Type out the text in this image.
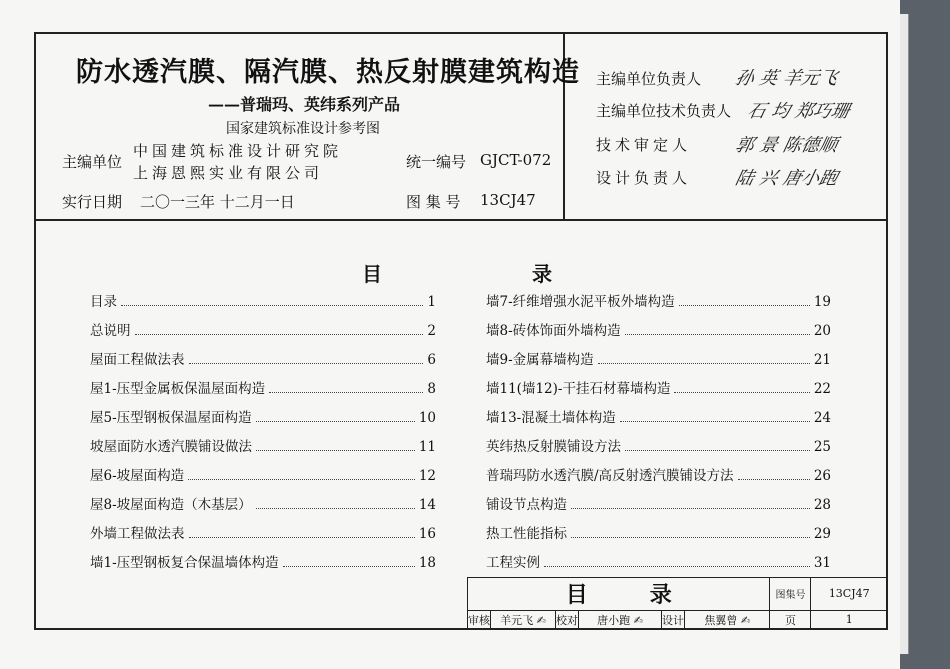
防水透汽膜、隔汽膜、热反射膜建筑构造
——普瑞玛、英纬系列产品
国家建筑标准设计参考图
主编单位
中国建筑标准设计研究院
上海恩熙实业有限公司
统一编号 GJCT-072
实行日期 二〇一三年 十二月一日	图 集 号 13CJ47
主编单位负责人 孙 英 羊元飞
主编单位技术负责人 石 均 郑巧珊
技术审定人 郭 景 陈德顺
设计负责人 陆 兴 唐小跑
目	录
目录	1
总说明	2
屋面工程做法表	6
屋1-压型金属板保温屋面构造	8
屋5-压型钢板保温屋面构造	10
坡屋面防水透汽膜铺设做法	11
屋6-坡屋面构造	12
屋8-坡屋面构造（木基层）	14
外墙工程做法表	16
墙1-压型钢板复合保温墙体构造	18
墙7-纤维增强水泥平板外墙构造	19
墙8-砖体饰面外墙构造	20
墙9-金属幕墙构造	21
墙11(墙12)-干挂石材幕墙构造	22
墙13-混凝土墙体构造	24
英纬热反射膜铺设方法	25
普瑞玛防水透汽膜/高反射透汽膜铺设方法	26
铺设节点构造	28
热工性能指标	29
工程实例	31
目 录						图集号	13CJ47
审核	羊元飞 ✍	校对	唐小跑 ✍	设计	焦翼曾 ✍	页	1
